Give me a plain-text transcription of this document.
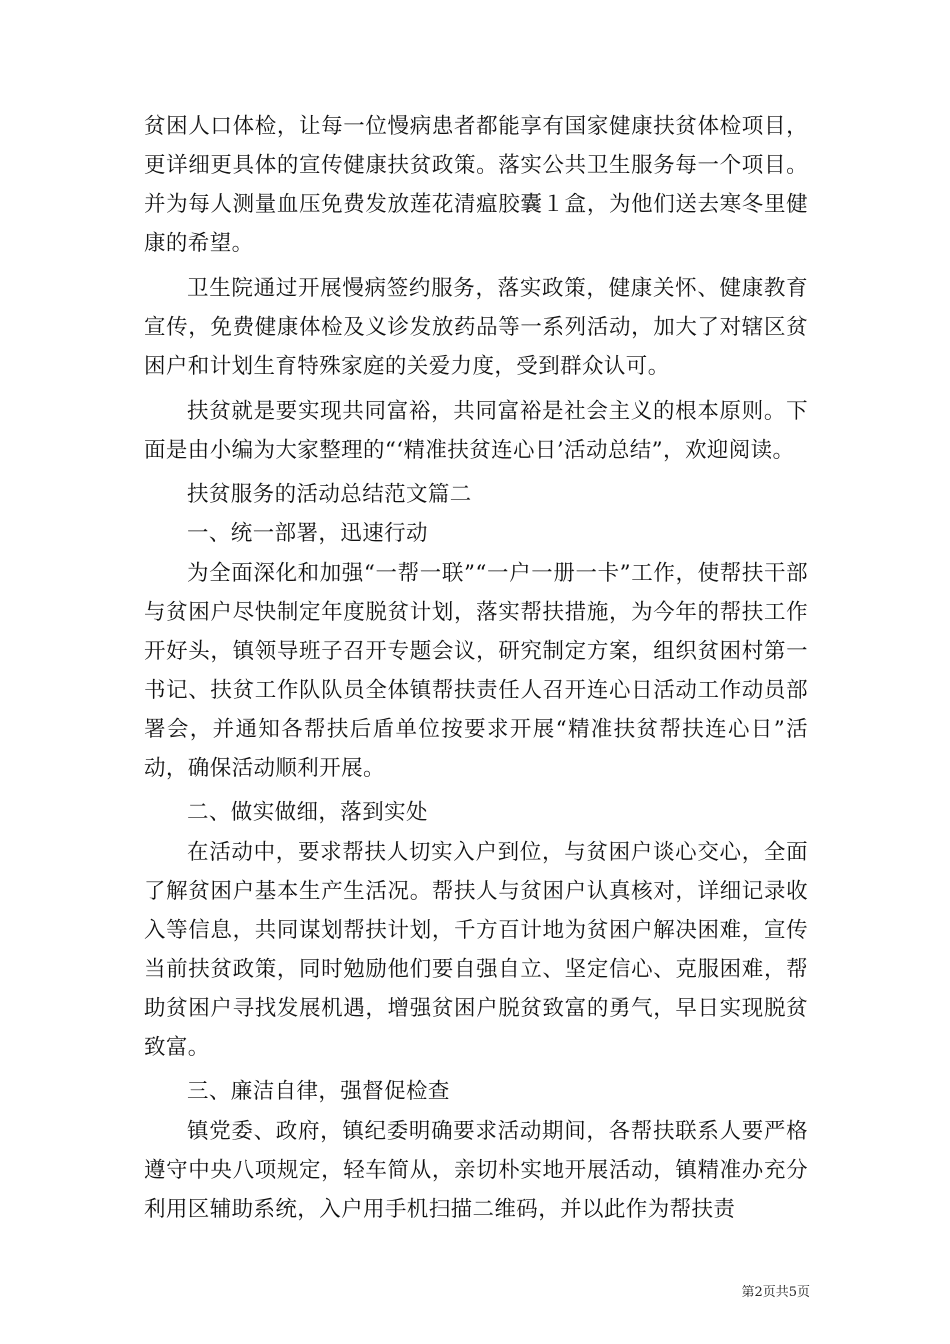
贫困人口体检，让每一位慢病患者都能享有国家健康扶贫体检项目，更详细更具体的宣传健康扶贫政策。落实公共卫生服务每一个项目。并为每人测量血压免费发放莲花清瘟胶囊１盒，为他们送去寒冬里健康的希望。

卫生院通过开展慢病签约服务，落实政策，健康关怀、健康教育宣传，免费健康体检及义诊发放药品等一系列活动，加大了对辖区贫困户和计划生育特殊家庭的关爱力度，受到群众认可。

扶贫就是要实现共同富裕，共同富裕是社会主义的根本原则。下面是由小编为大家整理的“‘精准扶贫连心日’活动总结”，欢迎阅读。

扶贫服务的活动总结范文篇二

一、统一部署，迅速行动

为全面深化和加强“一帮一联”“一户一册一卡”工作，使帮扶干部与贫困户尽快制定年度脱贫计划，落实帮扶措施，为今年的帮扶工作开好头，镇领导班子召开专题会议，研究制定方案，组织贫困村第一书记、扶贫工作队队员全体镇帮扶责任人召开连心日活动工作动员部署会，并通知各帮扶后盾单位按要求开展“精准扶贫帮扶连心日”活动，确保活动顺利开展。

二、做实做细，落到实处

在活动中，要求帮扶人切实入户到位，与贫困户谈心交心，全面了解贫困户基本生产生活况。帮扶人与贫困户认真核对，详细记录收入等信息，共同谋划帮扶计划，千方百计地为贫困户解决困难，宣传当前扶贫政策，同时勉励他们要自强自立、坚定信心、克服困难，帮助贫困户寻找发展机遇，增强贫困户脱贫致富的勇气，早日实现脱贫致富。

三、廉洁自律，强督促检查

镇党委、政府，镇纪委明确要求活动期间，各帮扶联系人要严格遵守中央八项规定，轻车简从，亲切朴实地开展活动，镇精准办充分利用区辅助系统，入户用手机扫描二维码，并以此作为帮扶责

第2页共5页
